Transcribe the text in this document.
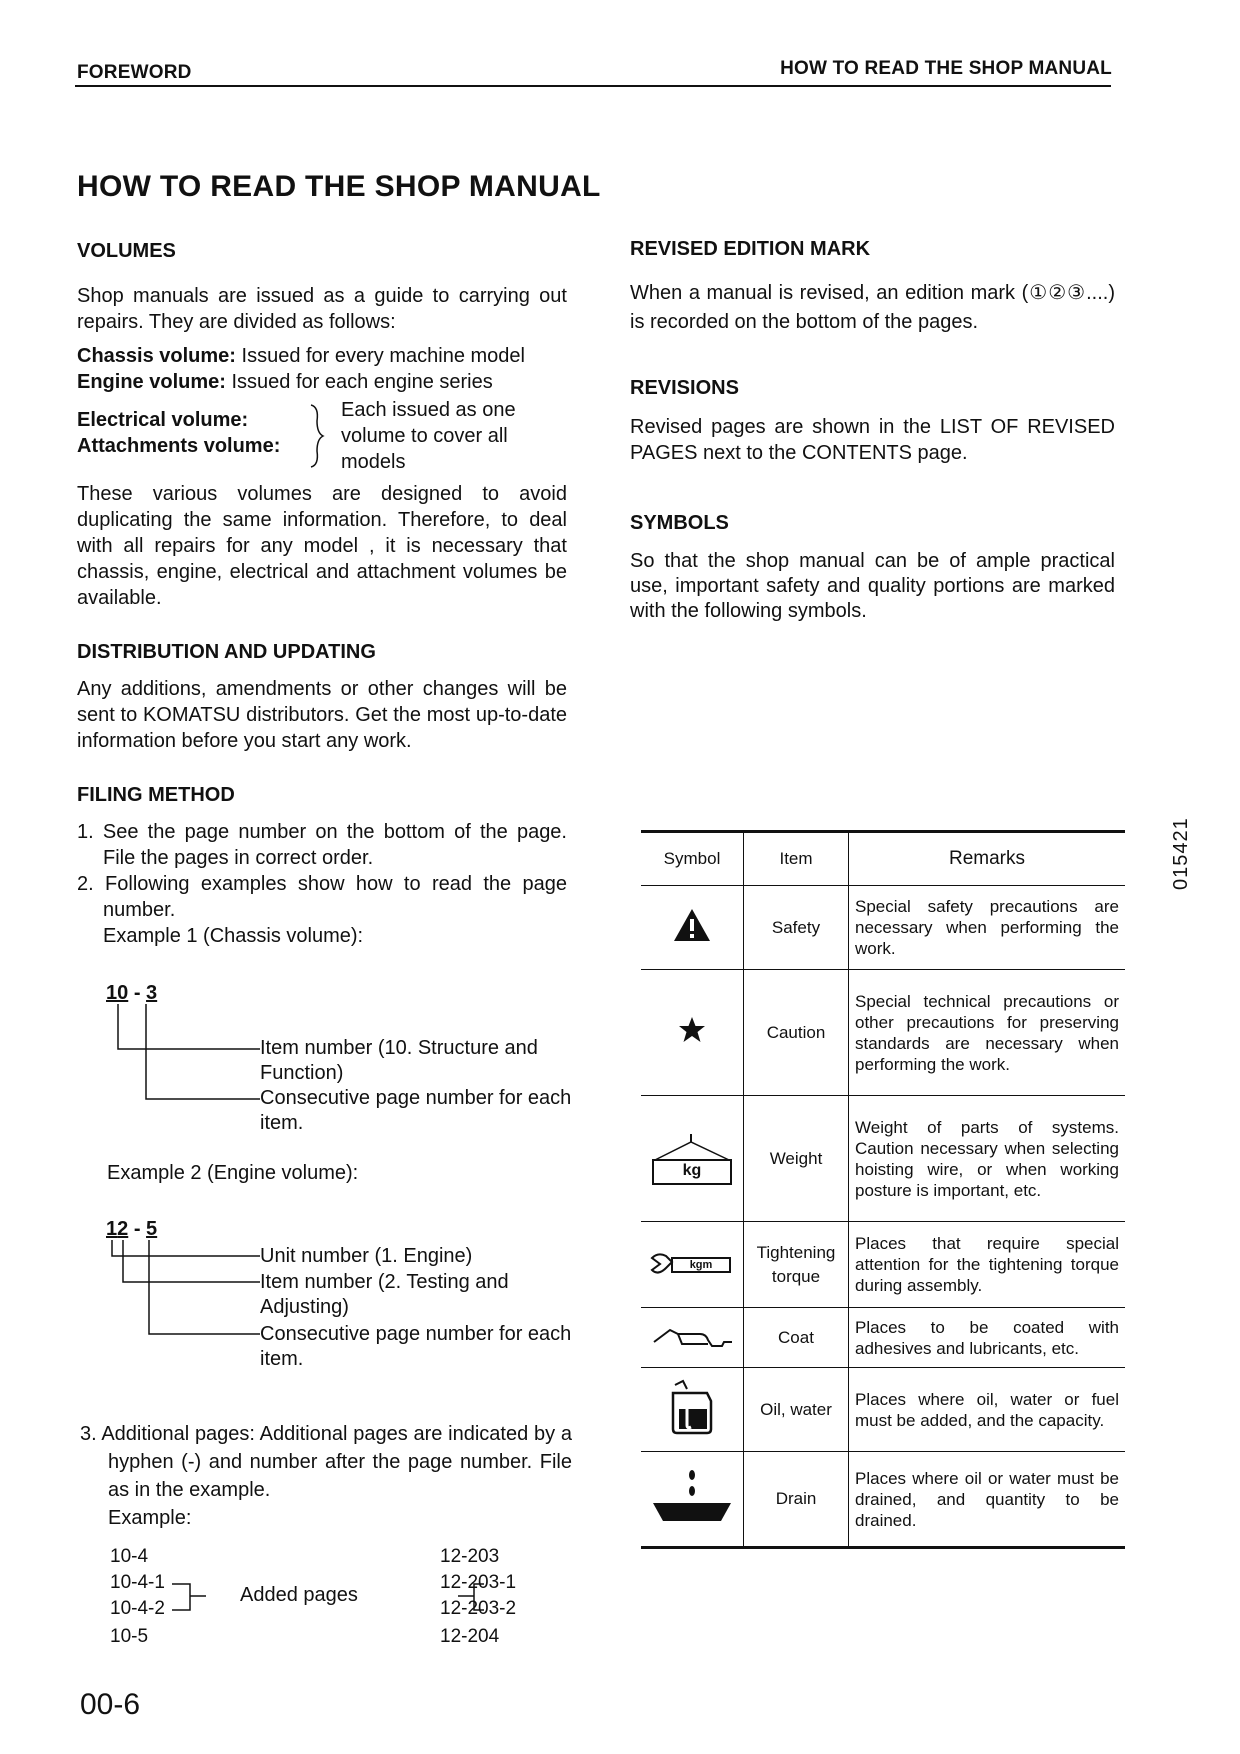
FOREWORD	HOW TO READ THE SHOP MANUAL
HOW TO READ THE SHOP MANUAL

VOLUMES

Shop manuals are issued as a guide to carrying out repairs. They are divided as follows:

Chassis volume: Issued for every machine model
Engine volume: Issued for each engine series
Electrical volume:
Attachments volume:
Each issued as one volume to cover all models

These various volumes are designed to avoid duplicating the same information. Therefore, to deal with all repairs for any model , it is necessary that chassis, engine, electrical and attachment volumes be available.

DISTRIBUTION AND UPDATING

Any additions, amendments or other changes will be sent to KOMATSU distributors. Get the most up-to-date information before you start any work.

FILING METHOD

1. See the page number on the bottom of the page. File the pages in correct order.

2. Following examples show how to read the page number.

Example 1 (Chassis volume):

10 - 3
Item number (10. Structure and Function)
Consecutive page number for each item.
Example 2 (Engine volume):
12 - 5
Unit number (1. Engine)
Item number (2. Testing and Adjusting)
Consecutive page number for each item.

3. Additional pages: Additional pages are indicated by a hyphen (-) and number after the page number. File as in the example.

Example:

10-4
10-4-1
10-4-2
10-5
Added pages
12-203
12-203-1
12-203-2
12-204

REVISED EDITION MARK

When a manual is revised, an edition mark (①②③....) is recorded on the bottom of the pages.

REVISIONS

Revised pages are shown in the LIST OF REVISED PAGES next to the CONTENTS page.

SYMBOLS

So that the shop manual can be of ample practical use, important safety and quality portions are marked with the following symbols.

Symbol	Item	Remarks
	Safety	Special safety precautions are necessary when performing the work.
	Caution	Special technical precautions or other precautions for preserving standards are necessary when performing the work.

kg	Weight	Weight of parts of systems. Caution necessary when selecting hoisting wire, or when working posture is important, etc.

kgm	Tightening torque	Places that require special attention for the tightening torque during assembly.
	Coat	Places to be coated with adhesives and lubricants, etc.
	Oil, water	Places where oil, water or fuel must be added, and the capacity.
	Drain	Places where oil or water must be drained, and quantity to be drained.
015421
00-6
